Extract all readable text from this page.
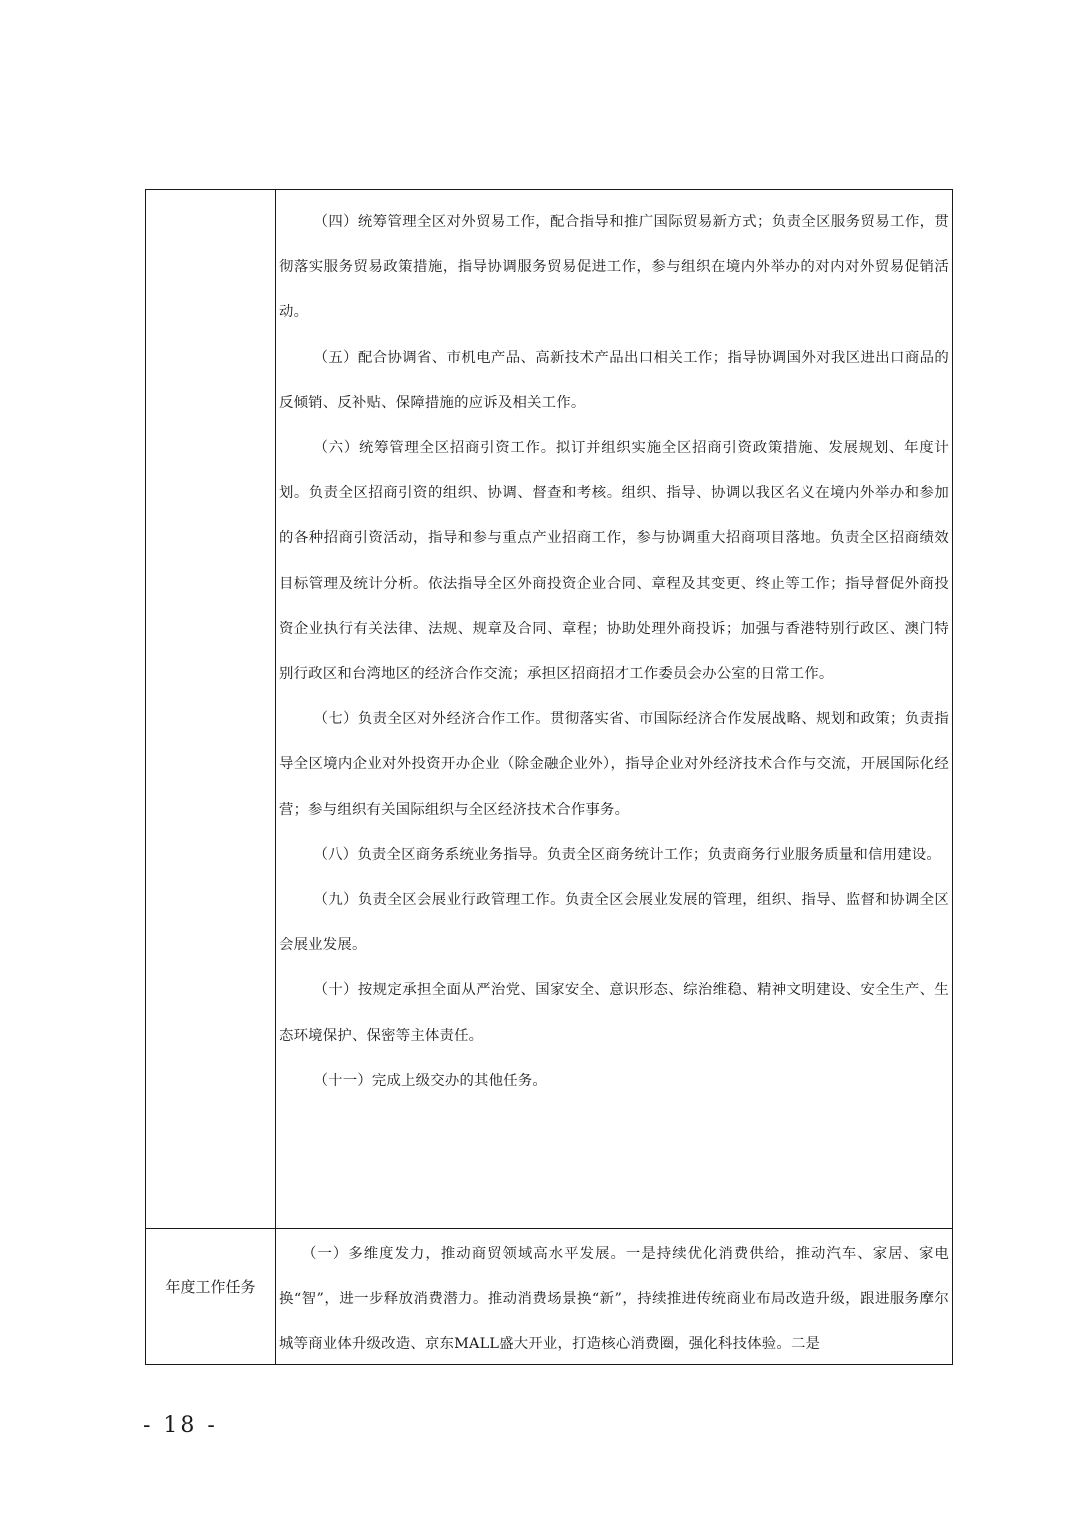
（四）统筹管理全区对外贸易工作，配合指导和推广国际贸易新方式；负责全区服务贸易工作，贯彻落实服务贸易政策措施，指导协调服务贸易促进工作，参与组织在境内外举办的对内对外贸易促销活动。

（五）配合协调省、市机电产品、高新技术产品出口相关工作；指导协调国外对我区进出口商品的反倾销、反补贴、保障措施的应诉及相关工作。

（六）统筹管理全区招商引资工作。拟订并组织实施全区招商引资政策措施、发展规划、年度计划。负责全区招商引资的组织、协调、督查和考核。组织、指导、协调以我区名义在境内外举办和参加的各种招商引资活动，指导和参与重点产业招商工作，参与协调重大招商项目落地。负责全区招商绩效目标管理及统计分析。依法指导全区外商投资企业合同、章程及其变更、终止等工作；指导督促外商投资企业执行有关法律、法规、规章及合同、章程；协助处理外商投诉；加强与香港特别行政区、澳门特别行政区和台湾地区的经济合作交流；承担区招商招才工作委员会办公室的日常工作。

（七）负责全区对外经济合作工作。贯彻落实省、市国际经济合作发展战略、规划和政策；负责指导全区境内企业对外投资开办企业（除金融企业外），指导企业对外经济技术合作与交流，开展国际化经营；参与组织有关国际组织与全区经济技术合作事务。

（八）负责全区商务系统业务指导。负责全区商务统计工作；负责商务行业服务质量和信用建设。

（九）负责全区会展业行政管理工作。负责全区会展业发展的管理，组织、指导、监督和协调全区会展业发展。

（十）按规定承担全面从严治党、国家安全、意识形态、综治维稳、精神文明建设、安全生产、生态环境保护、保密等主体责任。

（十一）完成上级交办的其他任务。

年度工作任务

（一）多维度发力，推动商贸领域高水平发展。一是持续优化消费供给，推动汽车、家居、家电换“智”，进一步释放消费潜力。推动消费场景换“新”，持续推进传统商业布局改造升级，跟进服务摩尔城等商业体升级改造、京东MALL盛大开业，打造核心消费圈，强化科技体验。二是

- 18 -
